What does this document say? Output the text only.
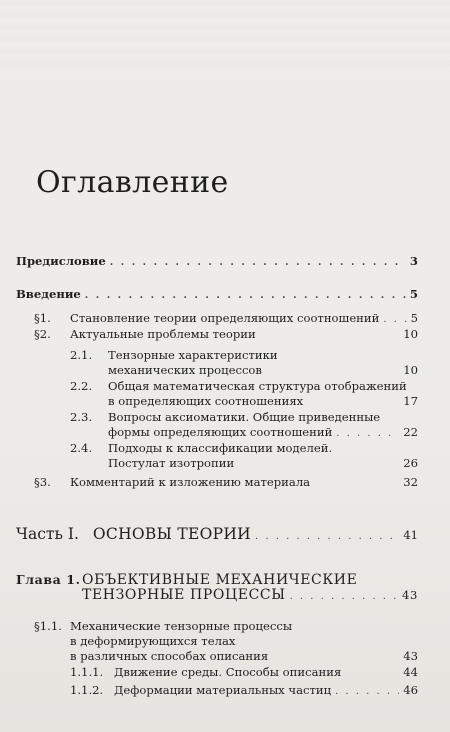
Оглавление
Предисловие . . .	3
Введение . . .	5
§1.	Становление теории определяющих соотношений . . .	5
§2.	Актуальные проблемы теории	10
2.1. Тензорные характеристики
механических процессов	10
2.2. Общая математическая структура отображений
в определяющих соотношениях	17
2.3. Вопросы аксиоматики. Общие приведенные
формы определяющих соотношений . . .	22
2.4. Подходы к классификации моделей.
Постулат изотропии	26
§3.	Комментарий к изложению материала	32
Часть I. ОСНОВЫ ТЕОРИИ . . .	41
Глава 1.ОБЪЕКТИВНЫЕ МЕХАНИЧЕСКИЕ
ТЕНЗОРНЫЕ ПРОЦЕССЫ . . .	43
§1.1. Механические тензорные процессы
в деформирующихся телах
в различных способах описания	43
1.1.1. Движение среды. Способы описания	44
1.1.2. Деформации материальных частиц . . .	46
